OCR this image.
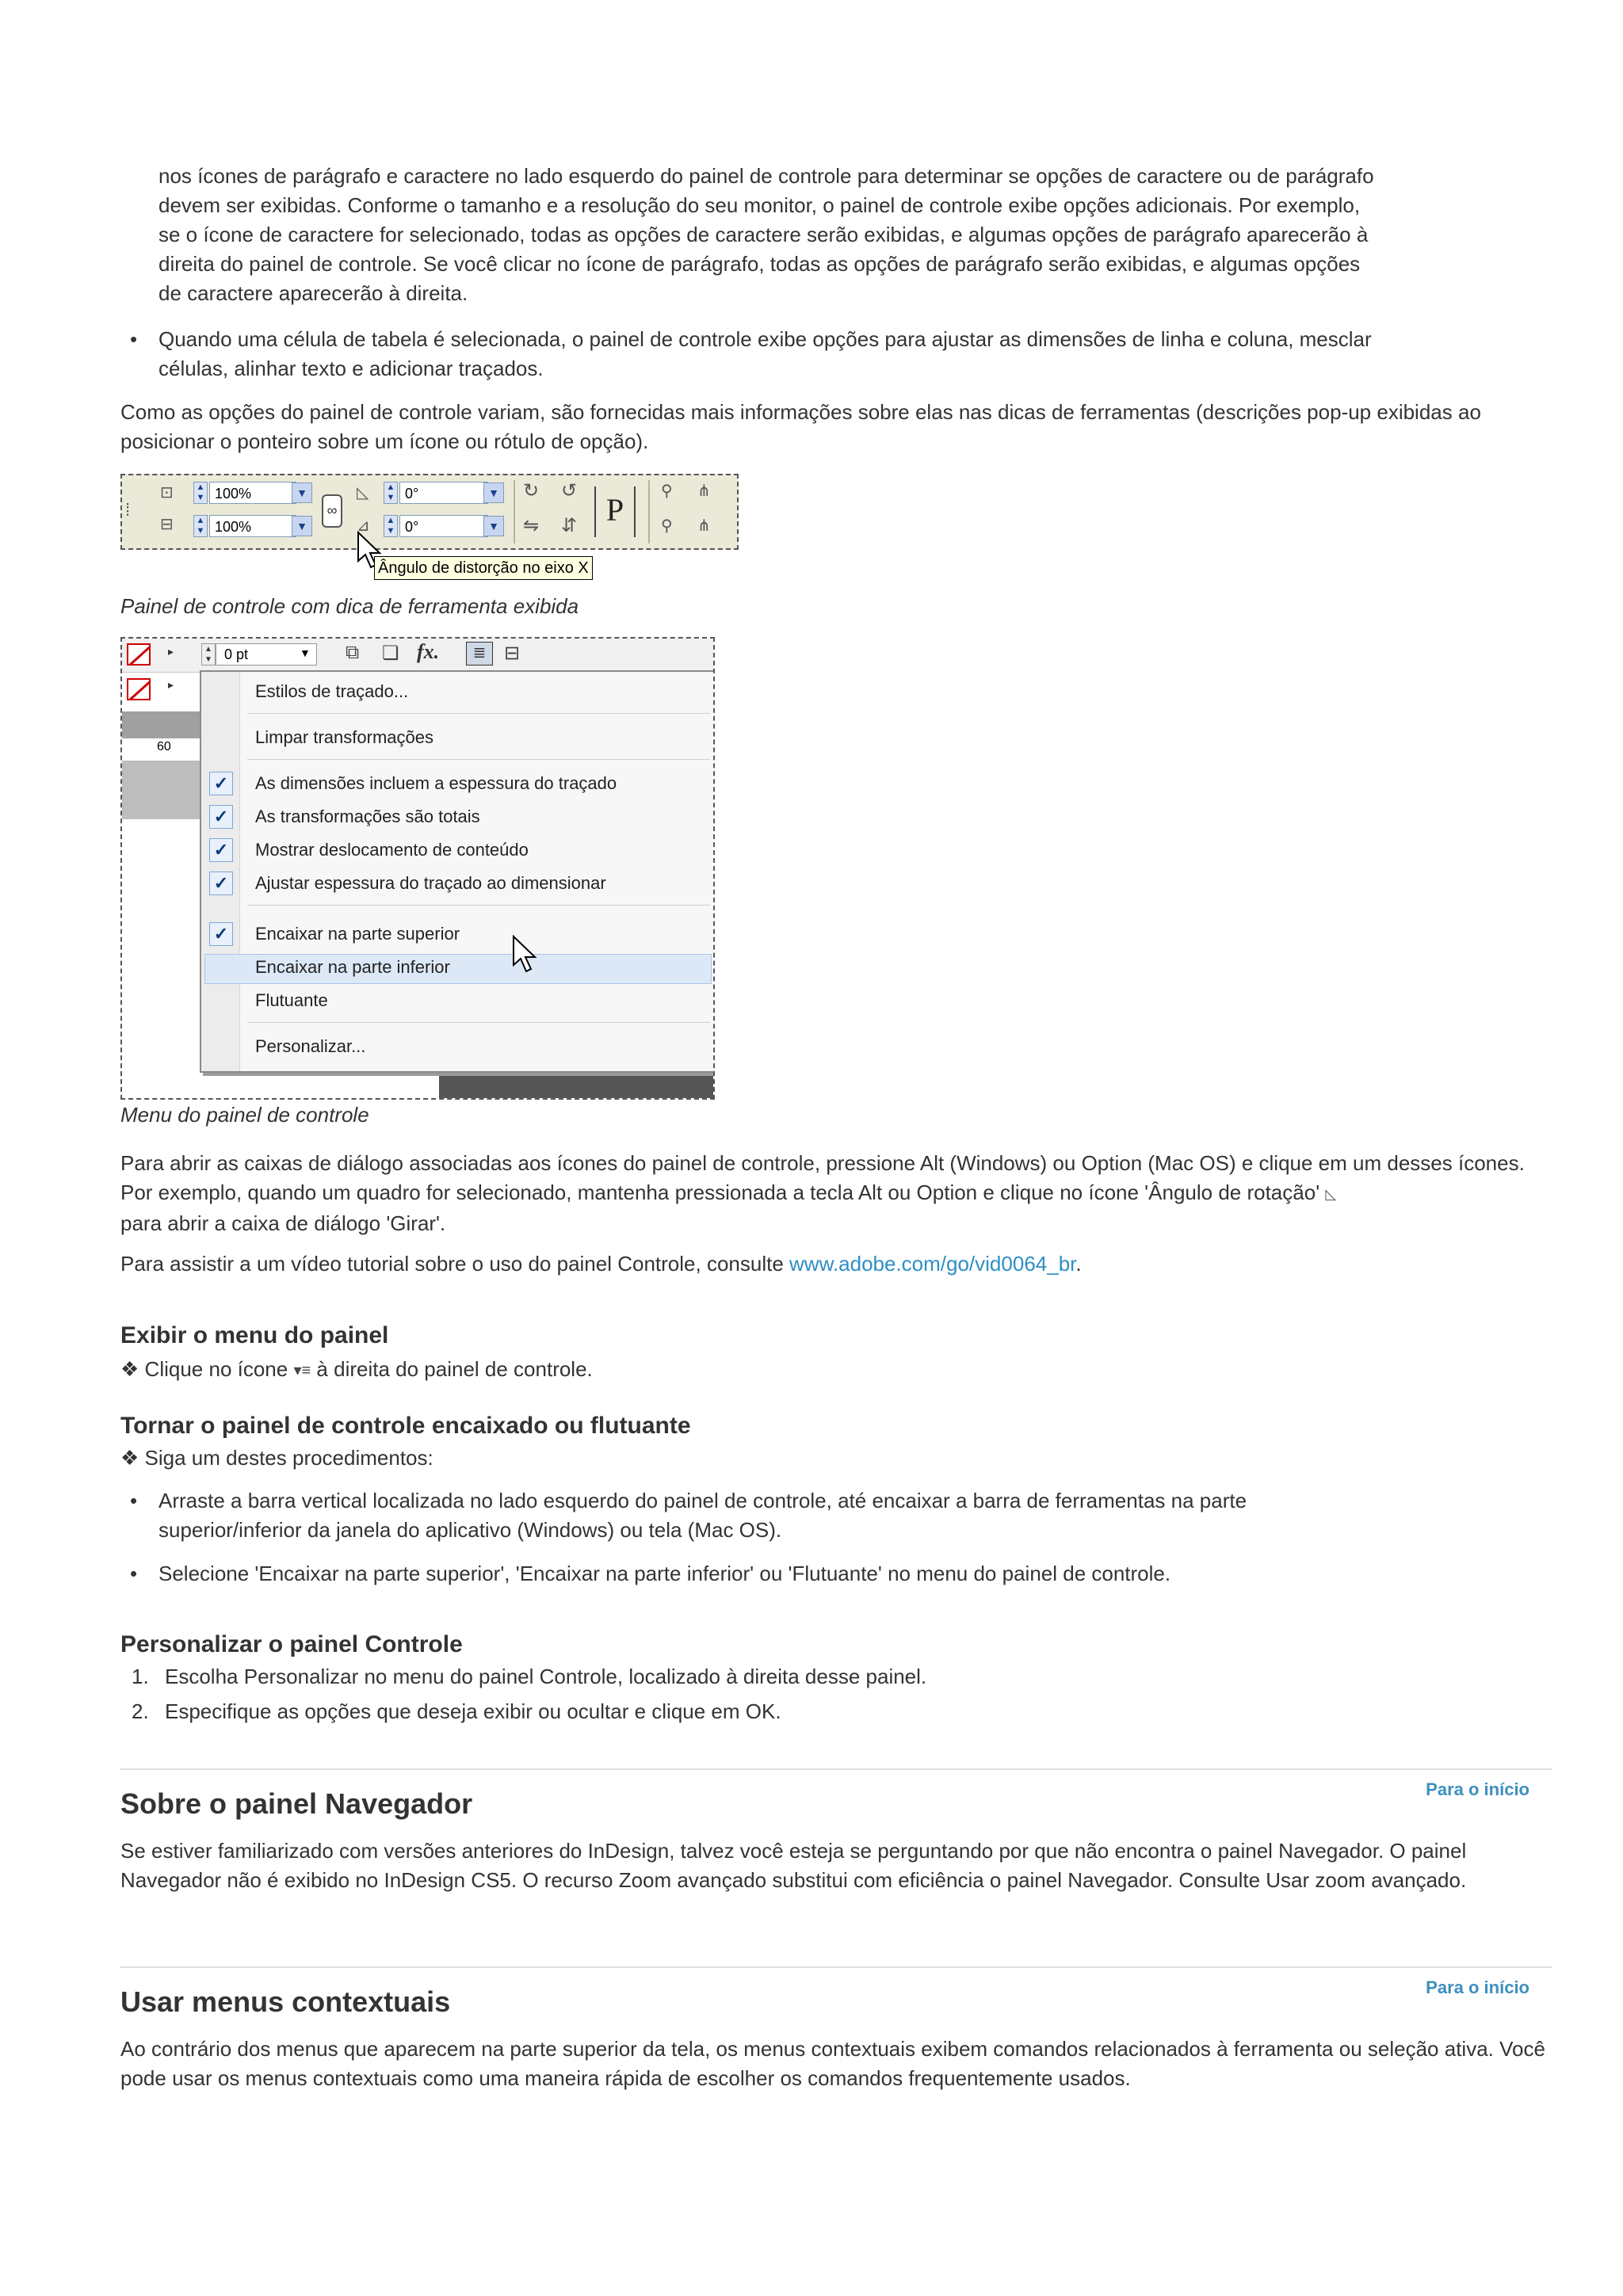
nos ícones de parágrafo e caractere no lado esquerdo do painel de controle para determinar se opções de caractere ou de parágrafo devem ser exibidas. Conforme o tamanho e a resolução do seu monitor, o painel de controle exibe opções adicionais. Por exemplo, se o ícone de caractere for selecionado, todas as opções de caractere serão exibidas, e algumas opções de parágrafo aparecerão à direita do painel de controle. Se você clicar no ícone de parágrafo, todas as opções de parágrafo serão exibidas, e algumas opções de caractere aparecerão à direita.

• Quando uma célula de tabela é selecionada, o painel de controle exibe opções para ajustar as dimensões de linha e coluna, mesclar células, alinhar texto e adicionar traçados.

Como as opções do painel de controle variam, são fornecidas mais informações sobre elas nas dicas de ferramentas (descrições pop-up exibidas ao posicionar o ponteiro sobre um ícone ou rótulo de opção).

⁞
⊡
⊟
▲
▼ 100%	▼
▲
▼ 100%	▼
∞
◺
⊿
▲
▼ 0°	▼
▲
▼ 0°	▼
↻ ↺
⇋ ⇵ P
⚲ ⋔
⚲ ⋔
Ângulo de distorção no eixo X

Painel de controle com dica de ferramenta exibida

▸
▸
▲
▼ 0 pt	▼ ⧉ ❏ fx.	≣ ⊟
60
Estilos de traçado...
Limpar transformações
✓ As dimensões incluem a espessura do traçado
✓ As transformações são totais
✓ Mostrar deslocamento de conteúdo
✓ Ajustar espessura do traçado ao dimensionar
✓ Encaixar na parte superior
Encaixar na parte inferior
Flutuante
Personalizar...

Menu do painel de controle

Para abrir as caixas de diálogo associadas aos ícones do painel de controle, pressione Alt (Windows) ou Option (Mac OS) e clique em um desses ícones. Por exemplo, quando um quadro for selecionado, mantenha pressionada a tecla Alt ou Option e clique no ícone 'Ângulo de rotação' ◺
para abrir a caixa de diálogo 'Girar'.

Para assistir a um vídeo tutorial sobre o uso do painel Controle, consulte www.adobe.com/go/vid0064_br.

Exibir o menu do painel

❖ Clique no ícone ▾≡ à direita do painel de controle.

Tornar o painel de controle encaixado ou flutuante

❖ Siga um destes procedimentos:

• Arraste a barra vertical localizada no lado esquerdo do painel de controle, até encaixar a barra de ferramentas na parte superior/inferior da janela do aplicativo (Windows) ou tela (Mac OS).

• Selecione 'Encaixar na parte superior', 'Encaixar na parte inferior' ou 'Flutuante' no menu do painel de controle.

Personalizar o painel Controle
1. Escolha Personalizar no menu do painel Controle, localizado à direita desse painel.

2. Especifique as opções que deseja exibir ou ocultar e clique em OK.

Para o início
Sobre o painel Navegador

Se estiver familiarizado com versões anteriores do InDesign, talvez você esteja se perguntando por que não encontra o painel Navegador. O painel Navegador não é exibido no InDesign CS5. O recurso Zoom avançado substitui com eficiência o painel Navegador. Consulte Usar zoom avançado.

Para o início
Usar menus contextuais

Ao contrário dos menus que aparecem na parte superior da tela, os menus contextuais exibem comandos relacionados à ferramenta ou seleção ativa. Você pode usar os menus contextuais como uma maneira rápida de escolher os comandos frequentemente usados.
